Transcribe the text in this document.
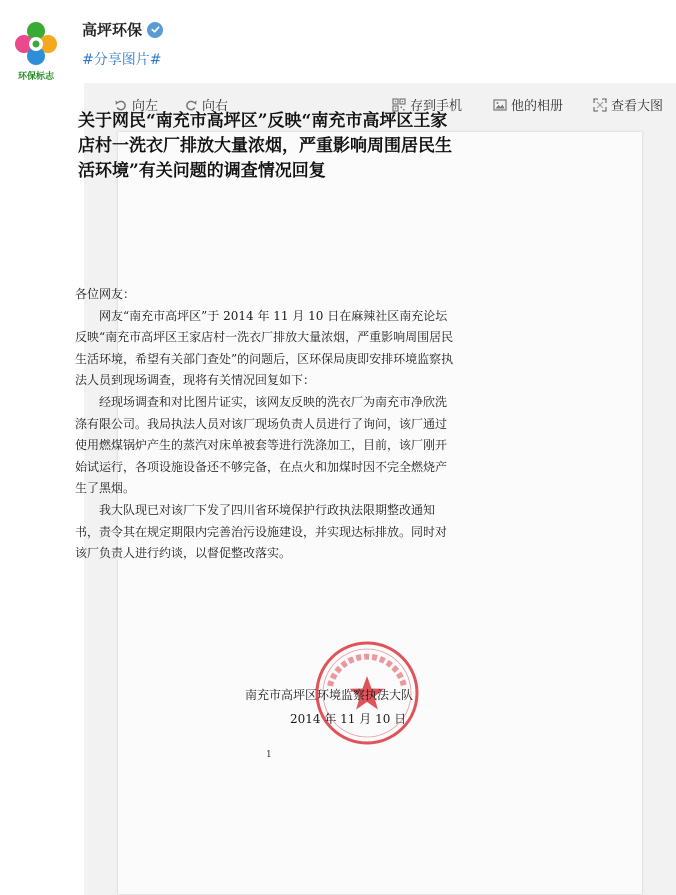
环保标志
高坪环保
#分享图片#
向左	向右	存到手机	他的相册	查看大图
关于网民“南充市高坪区”反映“南充市高坪区王家店村一洗衣厂排放大量浓烟，严重影响周围居民生活环境”有关问题的调查情况回复
各位网友：
网友“南充市高坪区”于 2014 年 11 月 10 日在麻辣社区南充论坛反映“南充市高坪区王家店村一洗衣厂排放大量浓烟，严重影响周围居民生活环境，希望有关部门查处”的问题后，区环保局庚即安排环境监察执法人员到现场调查，现将有关情况回复如下：
经现场调查和对比图片证实，该网友反映的洗衣厂为南充市净欣洗涤有限公司。我局执法人员对该厂现场负责人员进行了询问，该厂通过使用燃煤锅炉产生的蒸汽对床单被套等进行洗涤加工，目前，该厂刚开始试运行，各项设施设备还不够完备，在点火和加煤时因不完全燃烧产生了黑烟。
我大队现已对该厂下发了四川省环境保护行政执法限期整改通知书，责令其在规定期限内完善治污设施建设，并实现达标排放。同时对该厂负责人进行约谈，以督促整改落实。
南充市高坪区环境监察执法大队
2014 年 11 月 10 日
1
